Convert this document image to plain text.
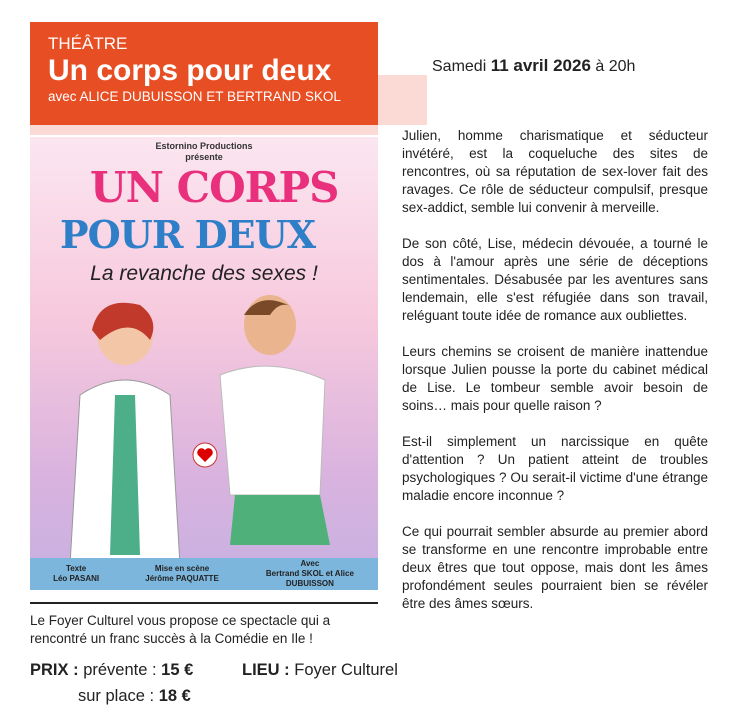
THÉÂTRE
Un corps pour deux
avec ALICE DUBUISSON ET BERTRAND SKOL
Samedi 11 avril 2026 à 20h
Estornino Productions
présente
UN CORPS
POUR DEUX
La revanche des sexes !
Texte
Léo PASANI
Mise en scène
Jérôme PAQUATTE
Avec
Bertrand SKOL et Alice DUBUISSON
Le Foyer Culturel vous propose ce spectacle qui a rencontré un franc succès à la Comédie en Ile !
PRIX : prévente : 15 €
sur place : 18 €
LIEU : Foyer Culturel

Julien, homme charismatique et séducteur invétéré, est la coqueluche des sites de rencontres, où sa réputation de sex-lover fait des ravages. Ce rôle de séducteur compulsif, presque sex-addict, semble lui convenir à merveille.

De son côté, Lise, médecin dévouée, a tourné le dos à l'amour après une série de déceptions sentimentales. Désabusée par les aventures sans lendemain, elle s'est réfugiée dans son travail, reléguant toute idée de romance aux oubliettes.

Leurs chemins se croisent de manière inattendue lorsque Julien pousse la porte du cabinet médical de Lise. Le tombeur semble avoir besoin de soins… mais pour quelle raison ?

Est-il simplement un narcissique en quête d'attention ? Un patient atteint de troubles psychologiques ? Ou serait-il victime d'une étrange maladie encore inconnue ?

Ce qui pourrait sembler absurde au premier abord se transforme en une rencontre improbable entre deux êtres que tout oppose, mais dont les âmes profondément seules pourraient bien se révéler être des âmes sœurs.
